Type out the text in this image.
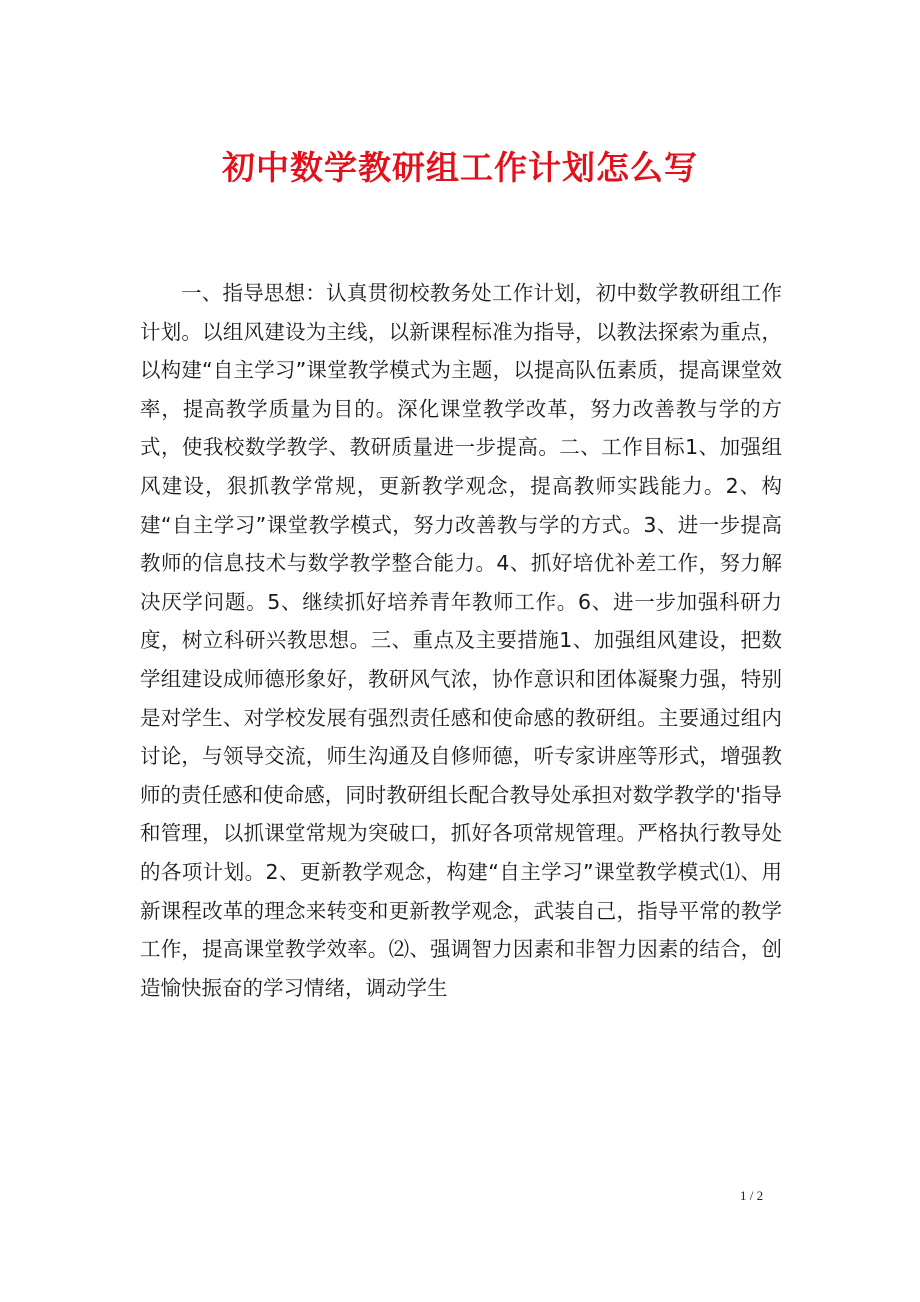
初中数学教研组工作计划怎么写

一、指导思想：认真贯彻校教务处工作计划，初中数学教研组工作计划。以组风建设为主线，以新课程标准为指导，以教法探索为重点，以构建“自主学习”课堂教学模式为主题，以提高队伍素质，提高课堂效率，提高教学质量为目的。深化课堂教学改革，努力改善教与学的方式，使我校数学教学、教研质量进一步提高。二、工作目标1、加强组风建设，狠抓教学常规，更新教学观念，提高教师实践能力。2、构建“自主学习”课堂教学模式，努力改善教与学的方式。3、进一步提高教师的信息技术与数学教学整合能力。4、抓好培优补差工作，努力解决厌学问题。5、继续抓好培养青年教师工作。6、进一步加强科研力度，树立科研兴教思想。三、重点及主要措施1、加强组风建设，把数学组建设成师德形象好，教研风气浓，协作意识和团体凝聚力强，特别是对学生、对学校发展有强烈责任感和使命感的教研组。主要通过组内讨论，与领导交流，师生沟通及自修师德，听专家讲座等形式，增强教师的责任感和使命感，同时教研组长配合教导处承担对数学教学的'指导和管理，以抓课堂常规为突破口，抓好各项常规管理。严格执行教导处的各项计划。2、更新教学观念，构建“自主学习”课堂教学模式⑴、用新课程改革的理念来转变和更新教学观念，武装自己，指导平常的教学工作，提高课堂教学效率。⑵、强调智力因素和非智力因素的结合，创造愉快振奋的学习情绪，调动学生

1 / 2
